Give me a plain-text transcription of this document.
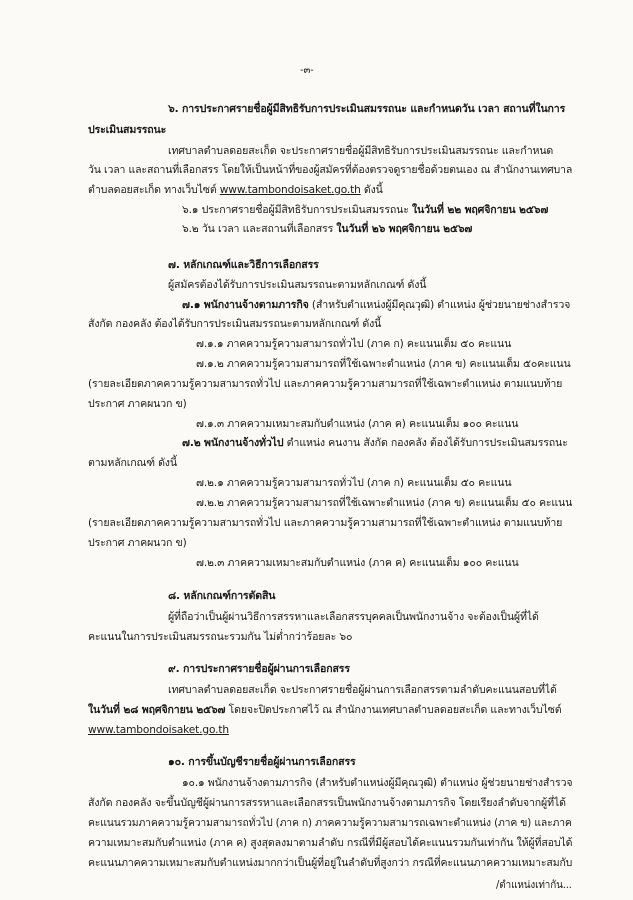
-๓-
๖. การประกาศรายชื่อผู้มีสิทธิรับการประเมินสมรรถนะ และกำหนดวัน เวลา สถานที่ในการ
ประเมินสมรรถนะ
เทศบาลตำบลดอยสะเก็ด จะประกาศรายชื่อผู้มีสิทธิรับการประเมินสมรรถนะ และกำหนด
วัน เวลา และสถานที่เลือกสรร โดยให้เป็นหน้าที่ของผู้สมัครที่ต้องตรวจดูรายชื่อด้วยตนเอง ณ สำนักงานเทศบาล
ตำบลดอยสะเก็ด ทางเว็บไซต์ www.tambondoisaket.go.th ดังนี้
๖.๑ ประกาศรายชื่อผู้มีสิทธิรับการประเมินสมรรถนะ ในวันที่ ๒๒ พฤศจิกายน ๒๕๖๗
๖.๒ วัน เวลา และสถานที่เลือกสรร ในวันที่ ๒๖ พฤศจิกายน ๒๕๖๗
๗. หลักเกณฑ์และวิธีการเลือกสรร
ผู้สมัครต้องได้รับการประเมินสมรรถนะตามหลักเกณฑ์ ดังนี้
๗.๑ พนักงานจ้างตามภารกิจ (สำหรับตำแหน่งผู้มีคุณวุฒิ) ตำแหน่ง ผู้ช่วยนายช่างสำรวจ
สังกัด กองคลัง ต้องได้รับการประเมินสมรรถนะตามหลักเกณฑ์ ดังนี้
๗.๑.๑ ภาคความรู้ความสามารถทั่วไป (ภาค ก) คะแนนเต็ม ๕๐ คะแนน
๗.๑.๒ ภาคความรู้ความสามารถที่ใช้เฉพาะตำแหน่ง (ภาค ข) คะแนนเต็ม ๕๐คะแนน
(รายละเอียดภาคความรู้ความสามารถทั่วไป และภาคความรู้ความสามารถที่ใช้เฉพาะตำแหน่ง ตามแนบท้าย
ประกาศ ภาคผนวก ข)
๗.๑.๓ ภาคความเหมาะสมกับตำแหน่ง (ภาค ค) คะแนนเต็ม ๑๐๐ คะแนน
๗.๒ พนักงานจ้างทั่วไป ตำแหน่ง คนงาน สังกัด กองคลัง ต้องได้รับการประเมินสมรรถนะ
ตามหลักเกณฑ์ ดังนี้
๗.๒.๑ ภาคความรู้ความสามารถทั่วไป (ภาค ก) คะแนนเต็ม ๕๐ คะแนน
๗.๒.๒ ภาคความรู้ความสามารถที่ใช้เฉพาะตำแหน่ง (ภาค ข) คะแนนเต็ม ๕๐ คะแนน
(รายละเอียดภาคความรู้ความสามารถทั่วไป และภาคความรู้ความสามารถที่ใช้เฉพาะตำแหน่ง ตามแนบท้าย
ประกาศ ภาคผนวก ข)
๗.๒.๓ ภาคความเหมาะสมกับตำแหน่ง (ภาค ค) คะแนนเต็ม ๑๐๐ คะแนน
๘. หลักเกณฑ์การตัดสิน
ผู้ที่ถือว่าเป็นผู้ผ่านวิธีการสรรหาและเลือกสรรบุคคลเป็นพนักงานจ้าง จะต้องเป็นผู้ที่ได้
คะแนนในการประเมินสมรรถนะรวมกัน ไม่ต่ำกว่าร้อยละ ๖๐
๙. การประกาศรายชื่อผู้ผ่านการเลือกสรร
เทศบาลตำบลดอยสะเก็ด จะประกาศรายชื่อผู้ผ่านการเลือกสรรตามลำดับคะแนนสอบที่ได้
ในวันที่ ๒๘ พฤศจิกายน ๒๕๖๗ โดยจะปิดประกาศไว้ ณ สำนักงานเทศบาลตำบลดอยสะเก็ด และทางเว็บไซต์
www.tambondoisaket.go.th
๑๐. การขึ้นบัญชีรายชื่อผู้ผ่านการเลือกสรร
๑๐.๑ พนักงานจ้างตามภารกิจ (สำหรับตำแหน่งผู้มีคุณวุฒิ) ตำแหน่ง ผู้ช่วยนายช่างสำรวจ
สังกัด กองคลัง จะขึ้นบัญชีผู้ผ่านการสรรหาและเลือกสรรเป็นพนักงานจ้างตามภารกิจ โดยเรียงลำดับจากผู้ที่ได้
คะแนนรวมภาคความรู้ความสามารถทั่วไป (ภาค ก) ภาคความรู้ความสามารถเฉพาะตำแหน่ง (ภาค ข) และภาค
ความเหมาะสมกับตำแหน่ง (ภาค ค) สูงสุดลงมาตามลำดับ กรณีที่มีผู้สอบได้คะแนนรวมกันเท่ากัน ให้ผู้ที่สอบได้
คะแนนภาคความเหมาะสมกับตำแหน่งมากกว่าเป็นผู้ที่อยู่ในลำดับที่สูงกว่า กรณีที่คะแนนภาคความเหมาะสมกับ
/ตำแหน่งเท่ากัน...
